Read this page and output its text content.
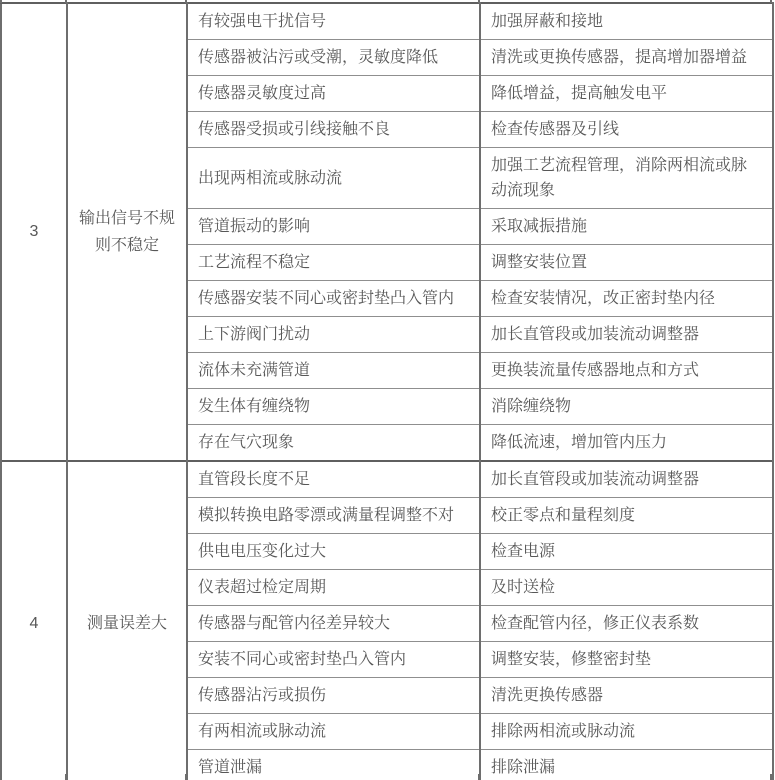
3	输出信号不规则不稳定	有较强电干扰信号	加强屏蔽和接地
		传感器被沾污或受潮，灵敏度降低	清洗或更换传感器，提高增加器增益
		传感器灵敏度过高	降低增益，提高触发电平
		传感器受损或引线接触不良	检查传感器及引线
		出现两相流或脉动流	加强工艺流程管理，消除两相流或脉动流现象
		管道振动的影响	采取减振措施
		工艺流程不稳定	调整安装位置
		传感器安装不同心或密封垫凸入管内	检查安装情况，改正密封垫内径
		上下游阀门扰动	加长直管段或加装流动调整器
		流体未充满管道	更换装流量传感器地点和方式
		发生体有缠绕物	消除缠绕物
		存在气穴现象	降低流速，增加管内压力
4	测量误差大	直管段长度不足	加长直管段或加装流动调整器
		模拟转换电路零漂或满量程调整不对	校正零点和量程刻度
		供电电压变化过大	检查电源
		仪表超过检定周期	及时送检
		传感器与配管内径差异较大	检查配管内径，修正仪表系数
		安装不同心或密封垫凸入管内	调整安装，修整密封垫
		传感器沾污或损伤	清洗更换传感器
		有两相流或脉动流	排除两相流或脉动流
		管道泄漏	排除泄漏
